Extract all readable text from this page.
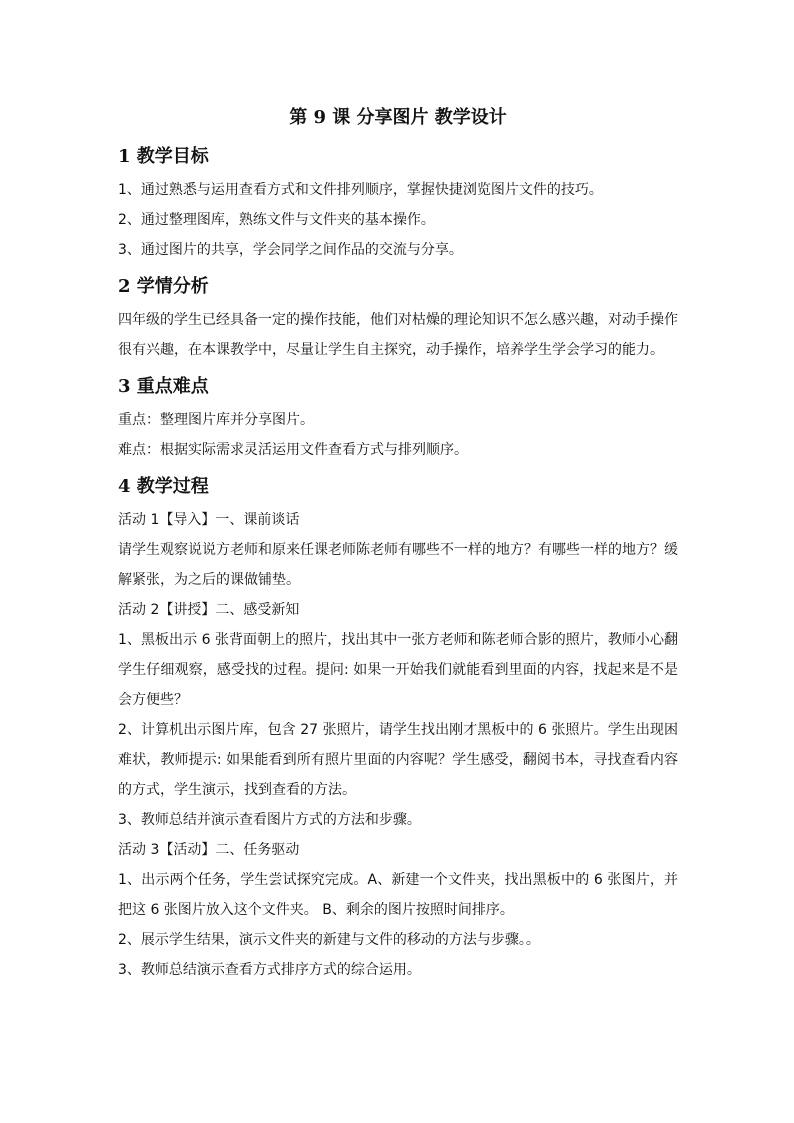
第 9 课 分享图片 教学设计
1 教学目标

1、通过熟悉与运用查看方式和文件排列顺序，掌握快捷浏览图片文件的技巧。

2、通过整理图库，熟练文件与文件夹的基本操作。

3、通过图片的共享，学会同学之间作品的交流与分享。

2 学情分析

四年级的学生已经具备一定的操作技能，他们对枯燥的理论知识不怎么感兴趣，对动手操作很有兴趣，在本课教学中，尽量让学生自主探究，动手操作，培养学生学会学习的能力。

3 重点难点

重点：整理图片库并分享图片。

难点：根据实际需求灵活运用文件查看方式与排列顺序。

4 教学过程

活动 1【导入】一、课前谈话

请学生观察说说方老师和原来任课老师陈老师有哪些不一样的地方？有哪些一样的地方？缓解紧张，为之后的课做铺垫。

活动 2【讲授】二、感受新知

1、黑板出示 6 张背面朝上的照片，找出其中一张方老师和陈老师合影的照片，教师小心翻学生仔细观察，感受找的过程。提问: 如果一开始我们就能看到里面的内容，找起来是不是会方便些？

2、计算机出示图片库，包含 27 张照片，请学生找出刚才黑板中的 6 张照片。学生出现困难状，教师提示: 如果能看到所有照片里面的内容呢？学生感受，翻阅书本，寻找查看内容的方式，学生演示，找到查看的方法。

3、教师总结并演示查看图片方式的方法和步骤。

活动 3【活动】二、任务驱动

1、出示两个任务，学生尝试探究完成。A、新建一个文件夹，找出黑板中的 6 张图片，并把这 6 张图片放入这个文件夹。 B、剩余的图片按照时间排序。

2、展示学生结果，演示文件夹的新建与文件的移动的方法与步骤。。

3、教师总结演示查看方式排序方式的综合运用。
